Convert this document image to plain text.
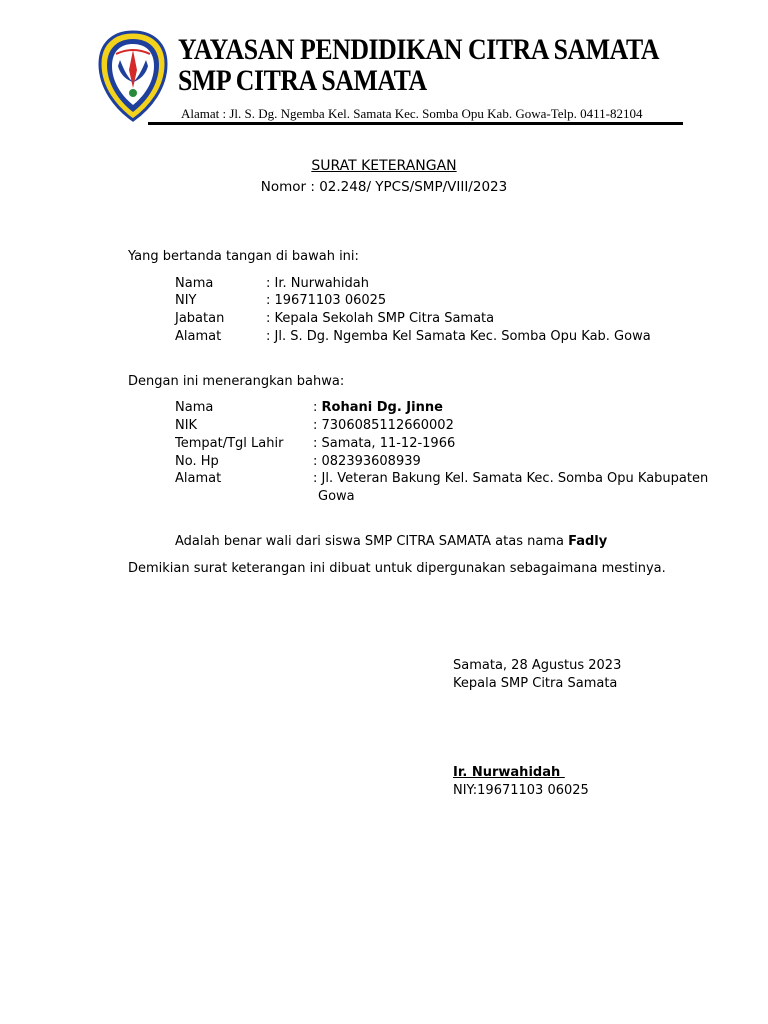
YAYASAN PENDIDIKAN CITRA SAMATA
SMP CITRA SAMATA
Alamat : Jl. S. Dg. Ngemba Kel. Samata Kec. Somba Opu Kab. Gowa-Telp. 0411-82104
SURAT KETERANGAN
Nomor : 02.248/ YPCS/SMP/VIII/2023
Yang bertanda tangan di bawah ini:
Nama	: Ir. Nurwahidah
NIY	: 19671103 06025
Jabatan	: Kepala Sekolah SMP Citra Samata
Alamat	: Jl. S. Dg. Ngemba Kel Samata Kec. Somba Opu Kab. Gowa
Dengan ini menerangkan bahwa:
Nama	: Rohani Dg. Jinne
NIK	: 7306085112660002
Tempat/Tgl Lahir : Samata, 11-12-1966
No. Hp	: 082393608939
Alamat	: Jl. Veteran Bakung Kel. Samata Kec. Somba Opu Kabupaten
Gowa
Adalah benar wali dari siswa SMP CITRA SAMATA atas nama Fadly
Demikian surat keterangan ini dibuat untuk dipergunakan sebagaimana mestinya.
Samata, 28 Agustus 2023
Kepala SMP Citra Samata
Ir. Nurwahidah
NIY:19671103 06025
